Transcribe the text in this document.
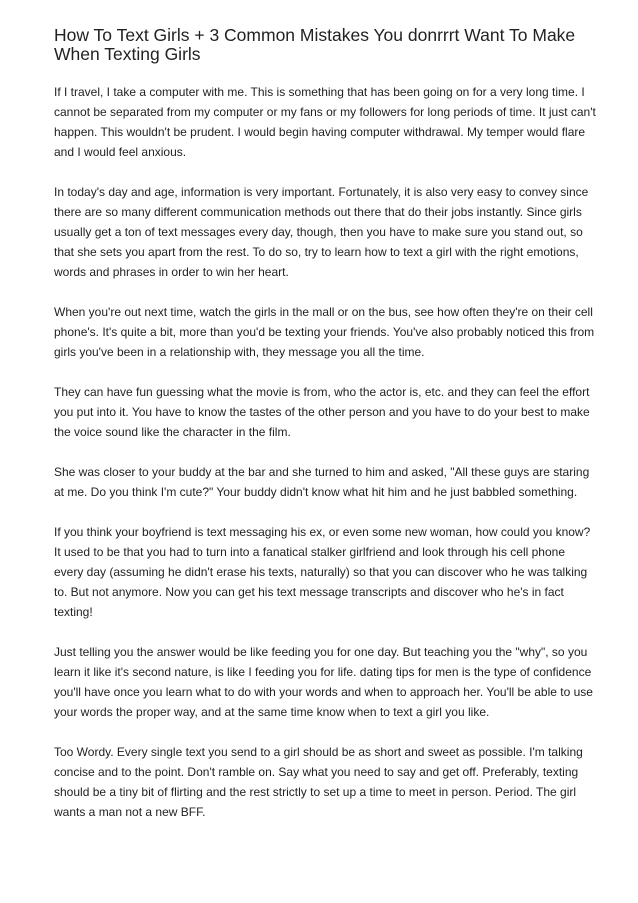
How To Text Girls + 3 Common Mistakes You donrrrt Want To Make When Texting Girls

If I travel, I take a computer with me. This is something that has been going on for a very long time. I cannot be separated from my computer or my fans or my followers for long periods of time. It just can't happen. This wouldn't be prudent. I would begin having computer withdrawal. My temper would flare and I would feel anxious.

In today's day and age, information is very important. Fortunately, it is also very easy to convey since there are so many different communication methods out there that do their jobs instantly. Since girls usually get a ton of text messages every day, though, then you have to make sure you stand out, so that she sets you apart from the rest. To do so, try to learn how to text a girl with the right emotions, words and phrases in order to win her heart.

When you're out next time, watch the girls in the mall or on the bus, see how often they're on their cell phone's. It's quite a bit, more than you'd be texting your friends. You've also probably noticed this from girls you've been in a relationship with, they message you all the time.

They can have fun guessing what the movie is from, who the actor is, etc. and they can feel the effort you put into it. You have to know the tastes of the other person and you have to do your best to make the voice sound like the character in the film.

She was closer to your buddy at the bar and she turned to him and asked, "All these guys are staring at me. Do you think I'm cute?" Your buddy didn't know what hit him and he just babbled something.

If you think your boyfriend is text messaging his ex, or even some new woman, how could you know? It used to be that you had to turn into a fanatical stalker girlfriend and look through his cell phone every day (assuming he didn't erase his texts, naturally) so that you can discover who he was talking to. But not anymore. Now you can get his text message transcripts and discover who he's in fact texting!

Just telling you the answer would be like feeding you for one day. But teaching you the "why", so you learn it like it's second nature, is like I feeding you for life. dating tips for men is the type of confidence you'll have once you learn what to do with your words and when to approach her. You'll be able to use your words the proper way, and at the same time know when to text a girl you like.

Too Wordy. Every single text you send to a girl should be as short and sweet as possible. I'm talking concise and to the point. Don't ramble on. Say what you need to say and get off. Preferably, texting should be a tiny bit of flirting and the rest strictly to set up a time to meet in person. Period. The girl wants a man not a new BFF.
